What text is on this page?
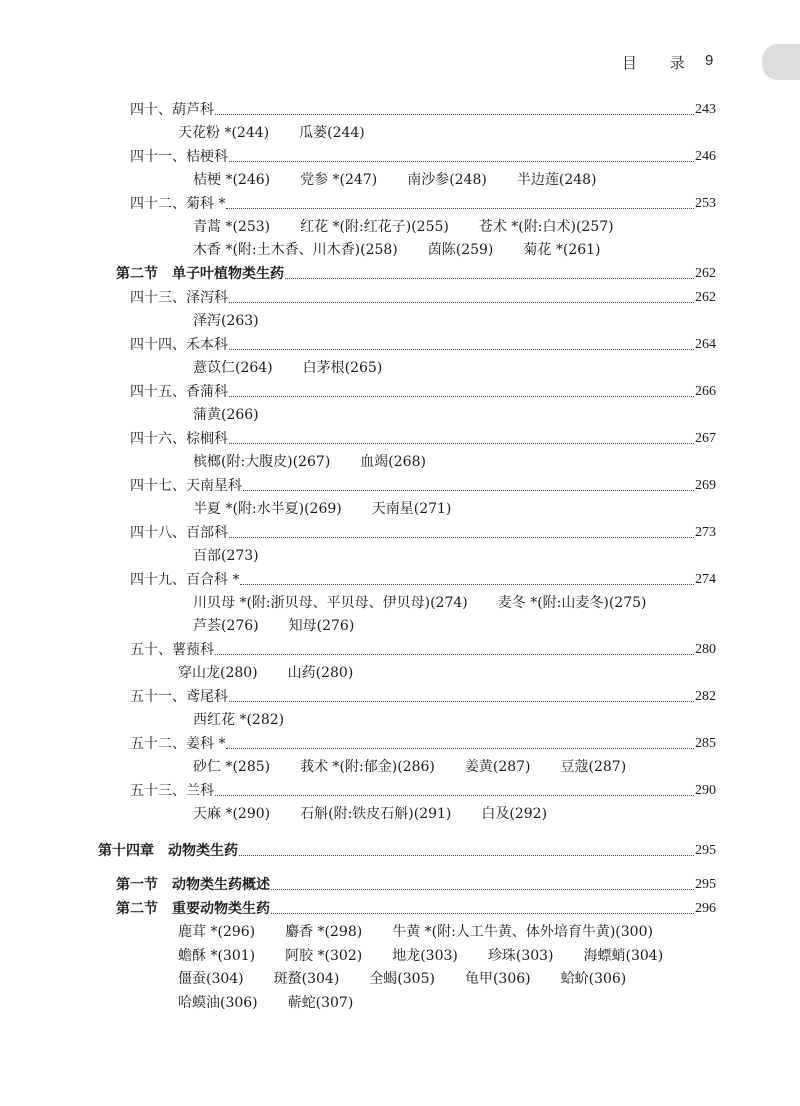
目 录 9
四十、葫芦科	243
天花粉 *(244) 瓜蒌(244)
四十一、桔梗科	246
桔梗 *(246) 党参 *(247) 南沙参(248) 半边莲(248)
四十二、菊科 *	253
青蒿 *(253) 红花 *(附:红花子)(255) 苍术 *(附:白术)(257)
木香 *(附:土木香、川木香)(258) 茵陈(259) 菊花 *(261)
第二节　单子叶植物类生药	262
四十三、泽泻科	262
泽泻(263)
四十四、禾本科	264
薏苡仁(264) 白茅根(265)
四十五、香蒲科	266
蒲黄(266)
四十六、棕榈科	267
槟榔(附:大腹皮)(267) 血竭(268)
四十七、天南星科	269
半夏 *(附:水半夏)(269) 天南星(271)
四十八、百部科	273
百部(273)
四十九、百合科 *	274
川贝母 *(附:浙贝母、平贝母、伊贝母)(274) 麦冬 *(附:山麦冬)(275)
芦荟(276) 知母(276)
五十、薯蓣科	280
穿山龙(280) 山药(280)
五十一、鸢尾科	282
西红花 *(282)
五十二、姜科 *	285
砂仁 *(285) 莪术 *(附:郁金)(286) 姜黄(287) 豆蔻(287)
五十三、兰科	290
天麻 *(290) 石斛(附:铁皮石斛)(291) 白及(292)
第十四章　动物类生药	295
第一节　动物类生药概述	295
第二节　重要动物类生药	296
鹿茸 *(296) 麝香 *(298) 牛黄 *(附:人工牛黄、体外培育牛黄)(300)
蟾酥 *(301) 阿胶 *(302) 地龙(303) 珍珠(303) 海螵蛸(304)
僵蚕(304) 斑蝥(304) 全蝎(305) 龟甲(306) 蛤蚧(306)
哈蟆油(306) 蕲蛇(307)
